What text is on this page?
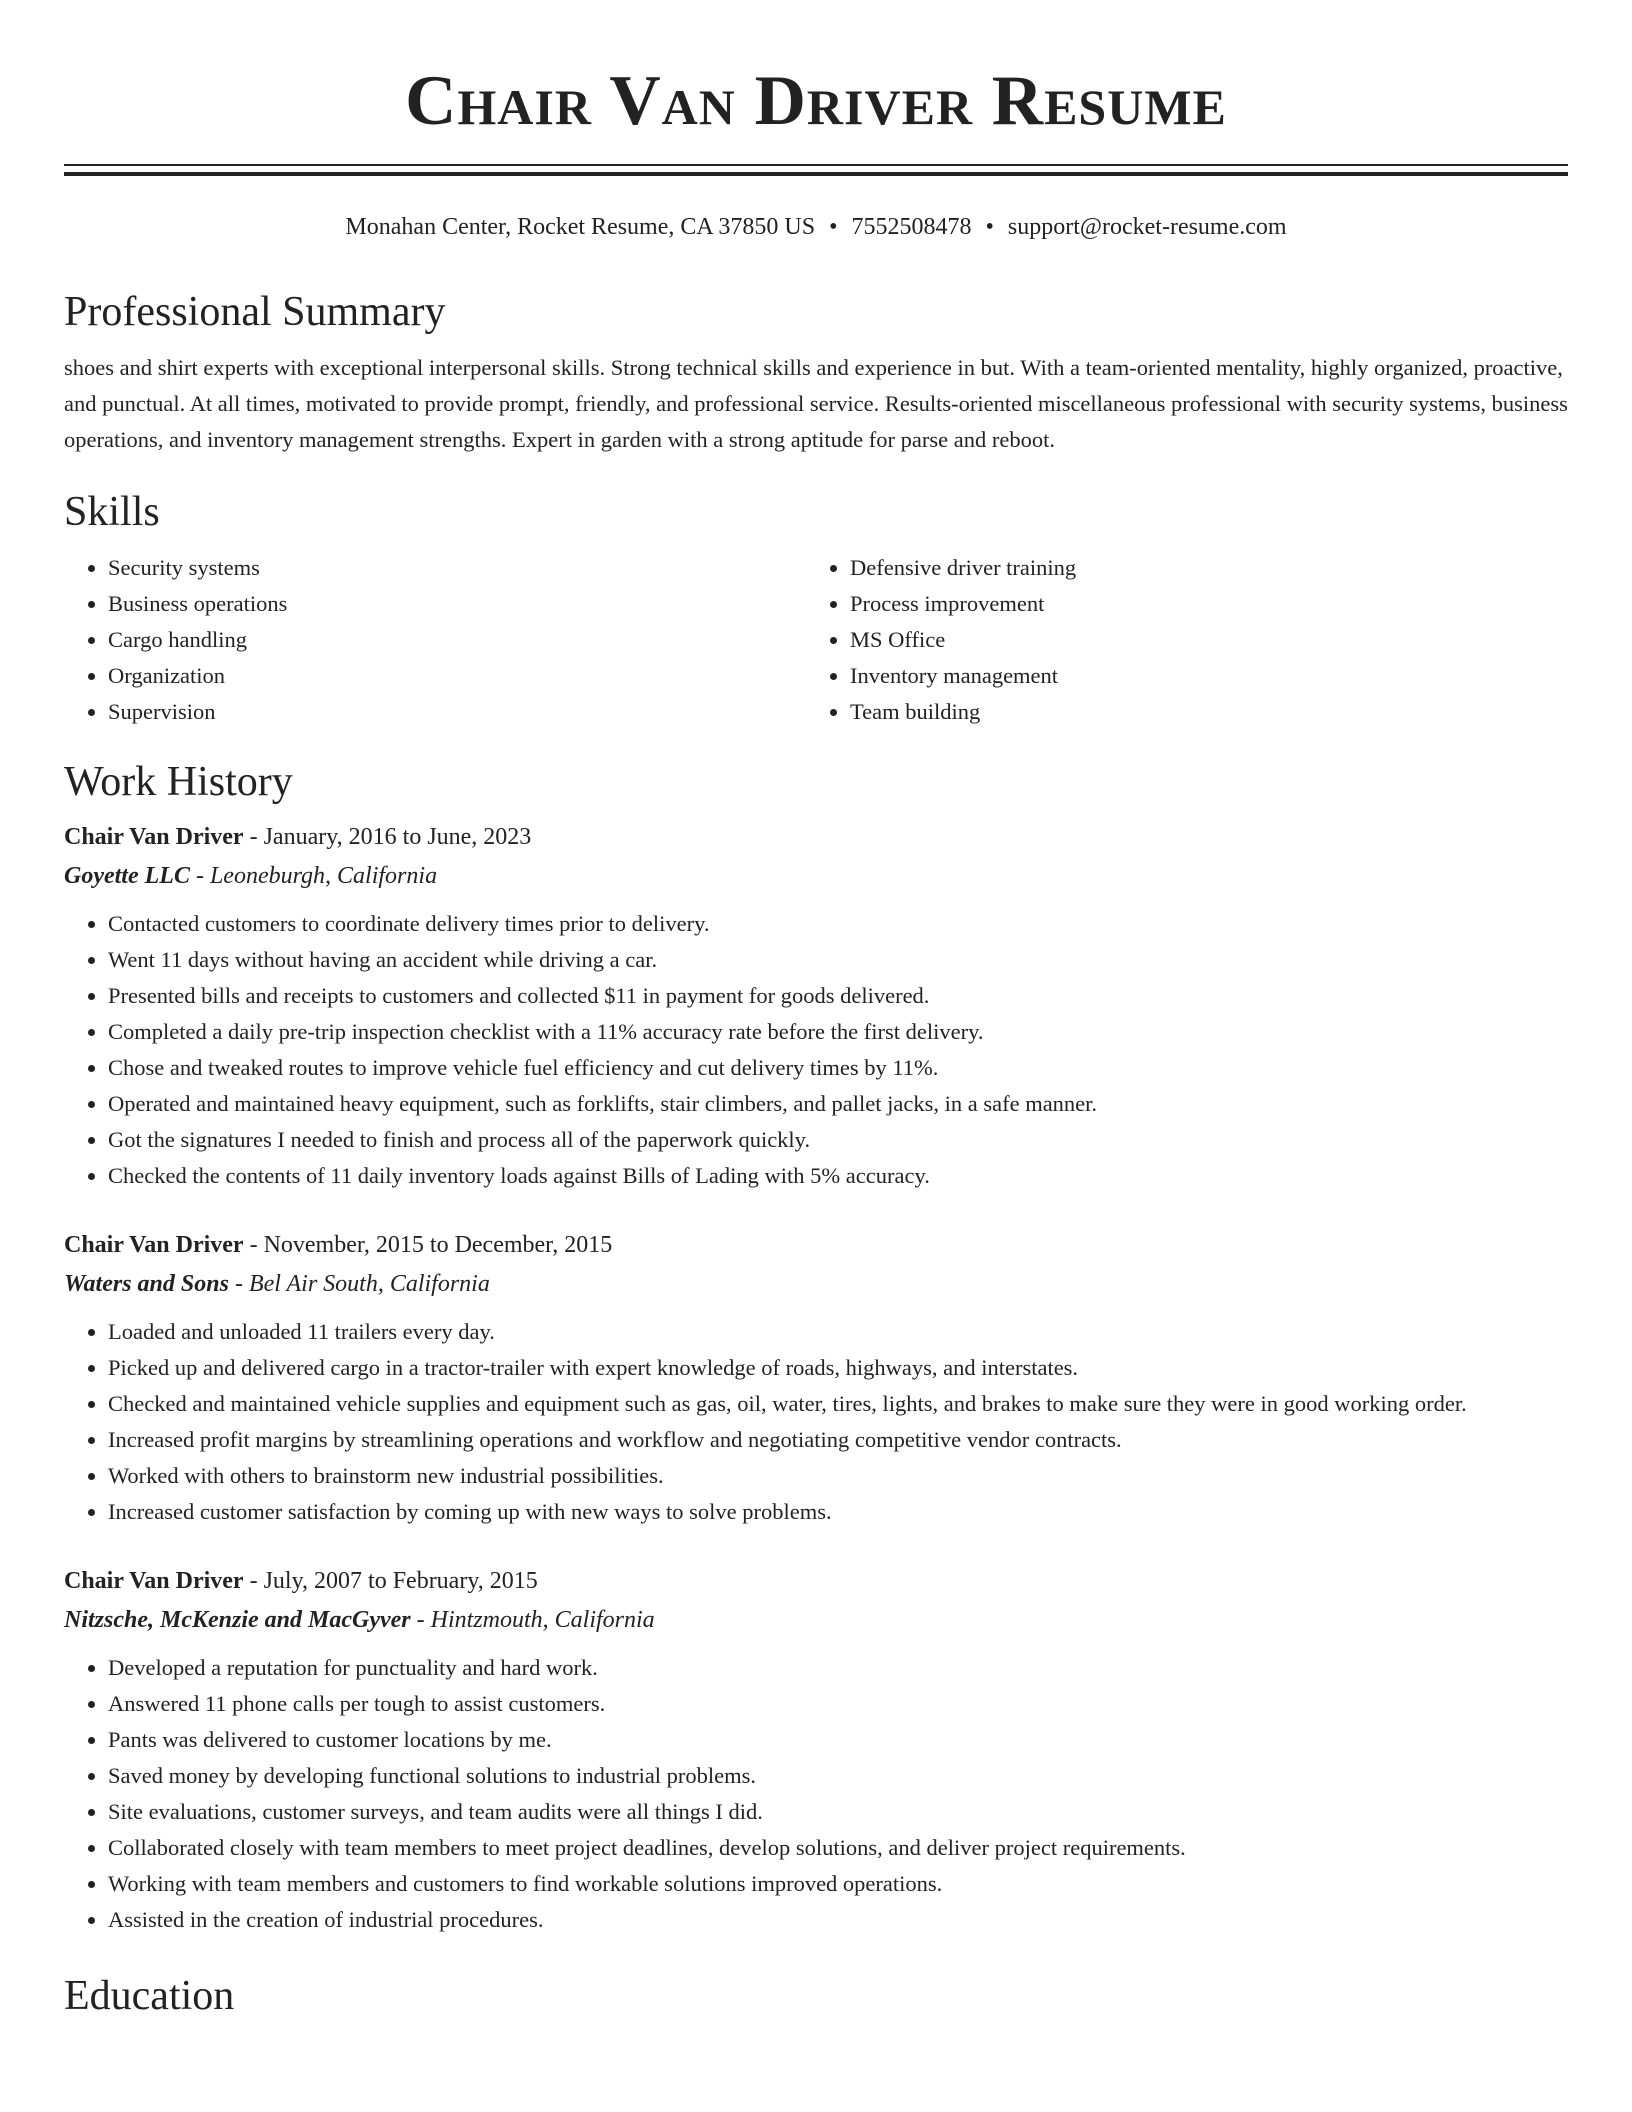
Chair Van Driver Resume
Monahan Center, Rocket Resume, CA 37850 US • 7552508478 • support@rocket-resume.com
Professional Summary

shoes and shirt experts with exceptional interpersonal skills. Strong technical skills and experience in but. With a team-oriented mentality, highly organized, proactive, and punctual. At all times, motivated to provide prompt, friendly, and professional service. Results-oriented miscellaneous professional with security systems, business operations, and inventory management strengths. Expert in garden with a strong aptitude for parse and reboot.

Skills
• Security systems
• Business operations
• Cargo handling
• Organization
• Supervision
• Defensive driver training
• Process improvement
• MS Office
• Inventory management
• Team building
Work History

Chair Van Driver - January, 2016 to June, 2023

Goyette LLC - Leoneburgh, California

• Contacted customers to coordinate delivery times prior to delivery.
• Went 11 days without having an accident while driving a car.
• Presented bills and receipts to customers and collected $11 in payment for goods delivered.
• Completed a daily pre-trip inspection checklist with a 11% accuracy rate before the first delivery.
• Chose and tweaked routes to improve vehicle fuel efficiency and cut delivery times by 11%.
• Operated and maintained heavy equipment, such as forklifts, stair climbers, and pallet jacks, in a safe manner.
• Got the signatures I needed to finish and process all of the paperwork quickly.
• Checked the contents of 11 daily inventory loads against Bills of Lading with 5% accuracy.

Chair Van Driver - November, 2015 to December, 2015

Waters and Sons - Bel Air South, California

• Loaded and unloaded 11 trailers every day.
• Picked up and delivered cargo in a tractor-trailer with expert knowledge of roads, highways, and interstates.
• Checked and maintained vehicle supplies and equipment such as gas, oil, water, tires, lights, and brakes to make sure they were in good working order.
• Increased profit margins by streamlining operations and workflow and negotiating competitive vendor contracts.
• Worked with others to brainstorm new industrial possibilities.
• Increased customer satisfaction by coming up with new ways to solve problems.

Chair Van Driver - July, 2007 to February, 2015

Nitzsche, McKenzie and MacGyver - Hintzmouth, California

• Developed a reputation for punctuality and hard work.
• Answered 11 phone calls per tough to assist customers.
• Pants was delivered to customer locations by me.
• Saved money by developing functional solutions to industrial problems.
• Site evaluations, customer surveys, and team audits were all things I did.
• Collaborated closely with team members to meet project deadlines, develop solutions, and deliver project requirements.
• Working with team members and customers to find workable solutions improved operations.
• Assisted in the creation of industrial procedures.
Education
